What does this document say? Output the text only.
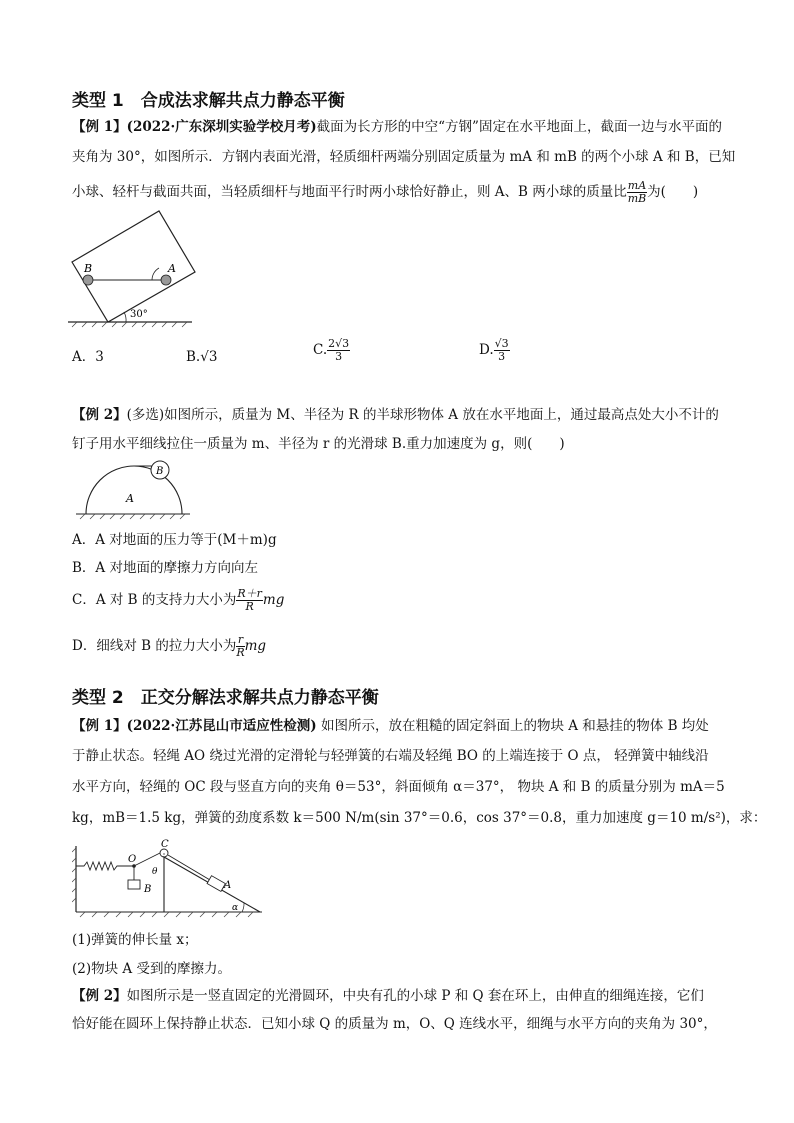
类型 1　合成法求解共点力静态平衡
【例 1】(2022·广东深圳实验学校月考)截面为长方形的中空“方钢”固定在水平地面上，截面一边与水平面的
夹角为 30°，如图所示．方钢内表面光滑，轻质细杆两端分别固定质量为 mA 和 mB 的两个小球 A 和 B，已知
小球、轻杆与截面共面，当轻质细杆与地面平行时两小球恰好静止，则 A、B 两小球的质量比 $\frac{mA}{mB}$ 为(　　)
B	A
30°
A．3	B.√3	C. $\frac{2√3}{3}$	D. $\frac{√3}{3}$
【例 2】(多选)如图所示，质量为 M、半径为 R 的半球形物体 A 放在水平地面上，通过最高点处大小不计的
钉子用水平细线拉住一质量为 m、半径为 r 的光滑球 B.重力加速度为 g，则(　　)
B
A
A．A 对地面的压力等于(M＋m)g
B．A 对地面的摩擦力方向向左
C．A 对 B 的支持力大小为 $\frac{R+r}{R}$ mg
D．细线对 B 的拉力大小为 $\frac{r}{R}$ mg
类型 2　正交分解法求解共点力静态平衡
【例 1】(2022·江苏昆山市适应性检测) 如图所示，放在粗糙的固定斜面上的物块 A 和悬挂的物体 B 均处
于静止状态。轻绳 AO 绕过光滑的定滑轮与轻弹簧的右端及轻绳 BO 的上端连接于 O 点， 轻弹簧中轴线沿
水平方向，轻绳的 OC 段与竖直方向的夹角 θ＝53°，斜面倾角 α＝37°， 物块 A 和 B 的质量分别为 mA＝5
kg，mB＝1.5 kg，弹簧的劲度系数 k＝500 N/m(sin 37°＝0.6，cos 37°＝0.8，重力加速度 g＝10 m/s²)，求：
O
B
C
θ
A
α
(1)弹簧的伸长量 x；
(2)物块 A 受到的摩擦力。
【例 2】如图所示是一竖直固定的光滑圆环，中央有孔的小球 P 和 Q 套在环上，由伸直的细绳连接，它们
恰好能在圆环上保持静止状态．已知小球 Q 的质量为 m，O、Q 连线水平，细绳与水平方向的夹角为 30°，
